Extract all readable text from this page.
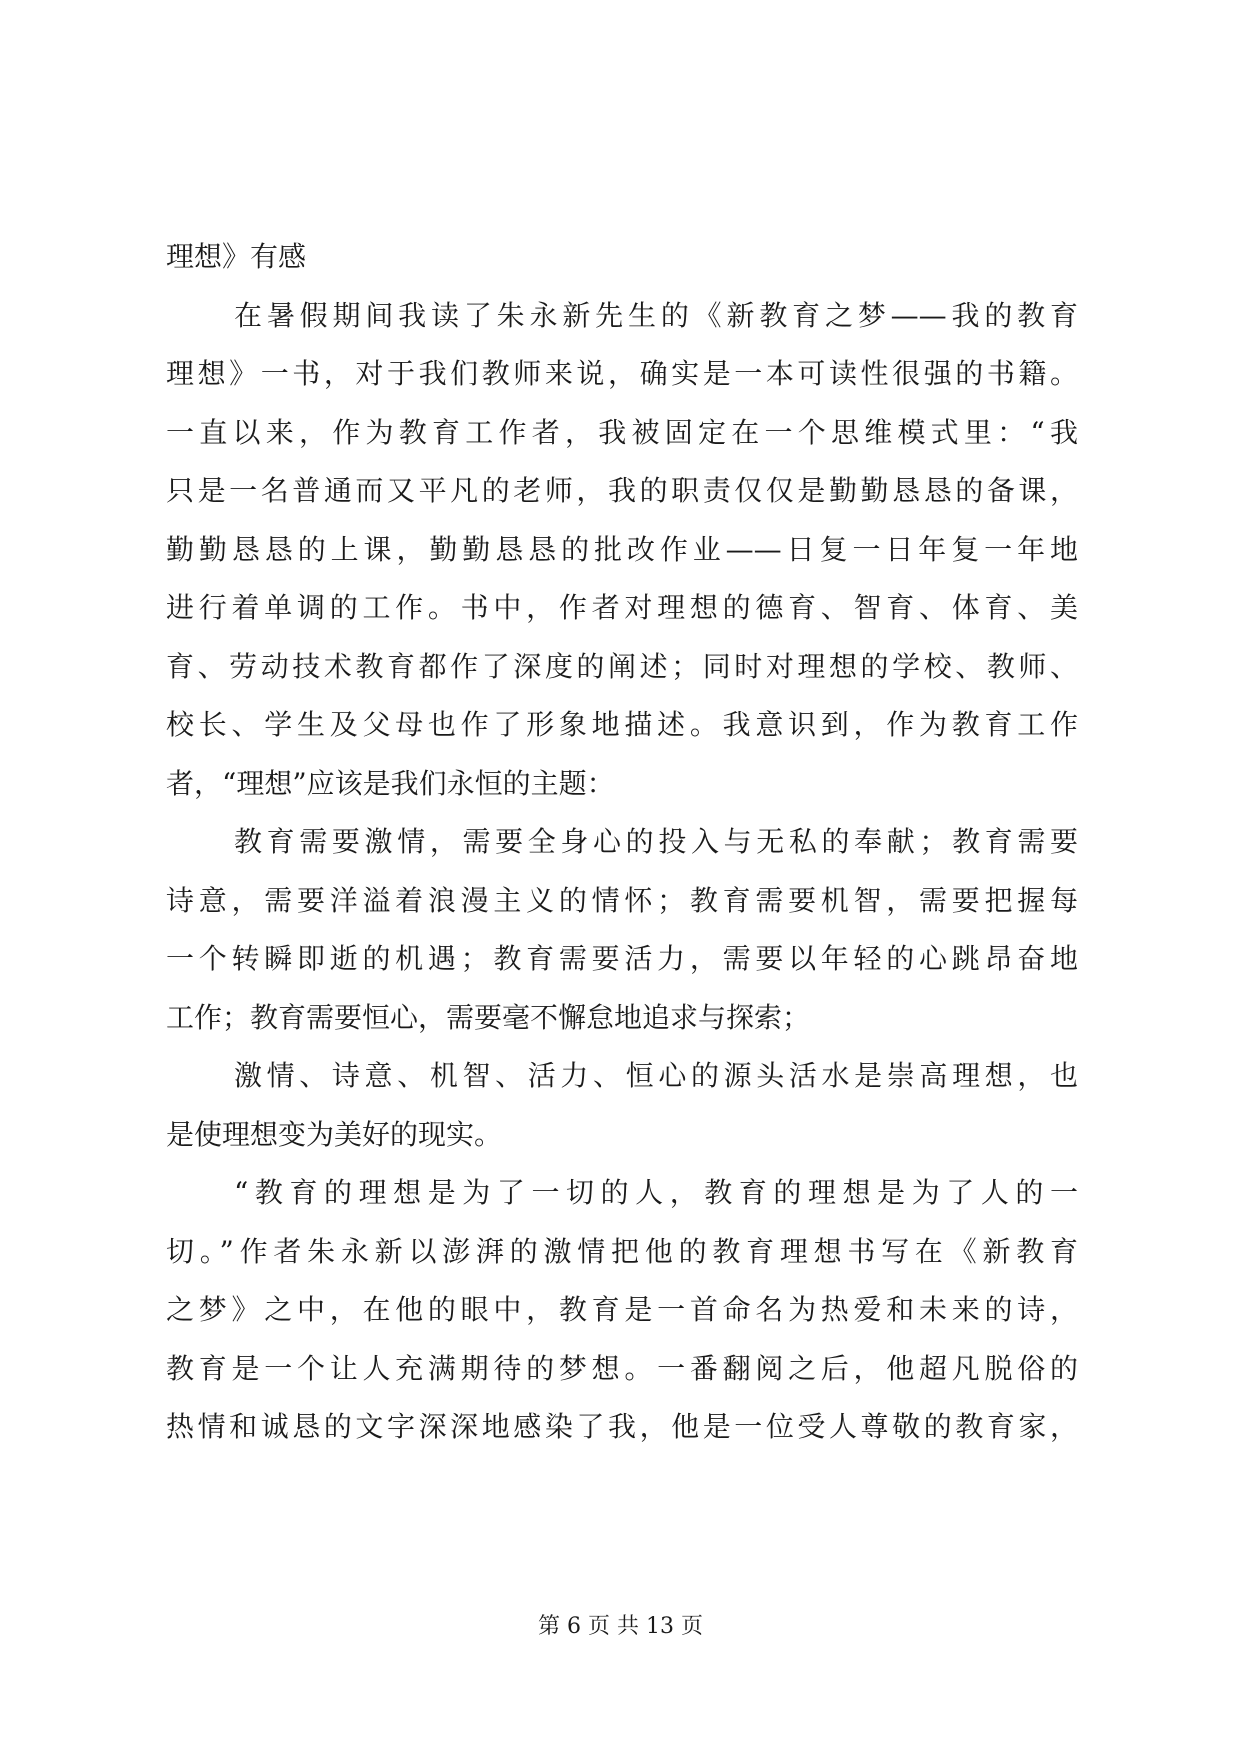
理想》有感
在暑假期间我读了朱永新先生的《新教育之梦——我的教育
理想》一书，对于我们教师来说，确实是一本可读性很强的书籍。
一直以来，作为教育工作者，我被固定在一个思维模式里：“我
只是一名普通而又平凡的老师，我的职责仅仅是勤勤恳恳的备课，
勤勤恳恳的上课，勤勤恳恳的批改作业——日复一日年复一年地
进行着单调的工作。书中，作者对理想的德育、智育、体育、美
育、劳动技术教育都作了深度的阐述；同时对理想的学校、教师、
校长、学生及父母也作了形象地描述。我意识到，作为教育工作
者，“理想”应该是我们永恒的主题：
教育需要激情，需要全身心的投入与无私的奉献；教育需要
诗意，需要洋溢着浪漫主义的情怀；教育需要机智，需要把握每
一个转瞬即逝的机遇；教育需要活力，需要以年轻的心跳昂奋地
工作；教育需要恒心，需要毫不懈怠地追求与探索；
激情、诗意、机智、活力、恒心的源头活水是崇高理想，也
是使理想变为美好的现实。
“教育的理想是为了一切的人，教育的理想是为了人的一
切。”作者朱永新以澎湃的激情把他的教育理想书写在《新教育
之梦》之中，在他的眼中，教育是一首命名为热爱和未来的诗，
教育是一个让人充满期待的梦想。一番翻阅之后，他超凡脱俗的
热情和诚恳的文字深深地感染了我，他是一位受人尊敬的教育家，
第 6 页 共 13 页
